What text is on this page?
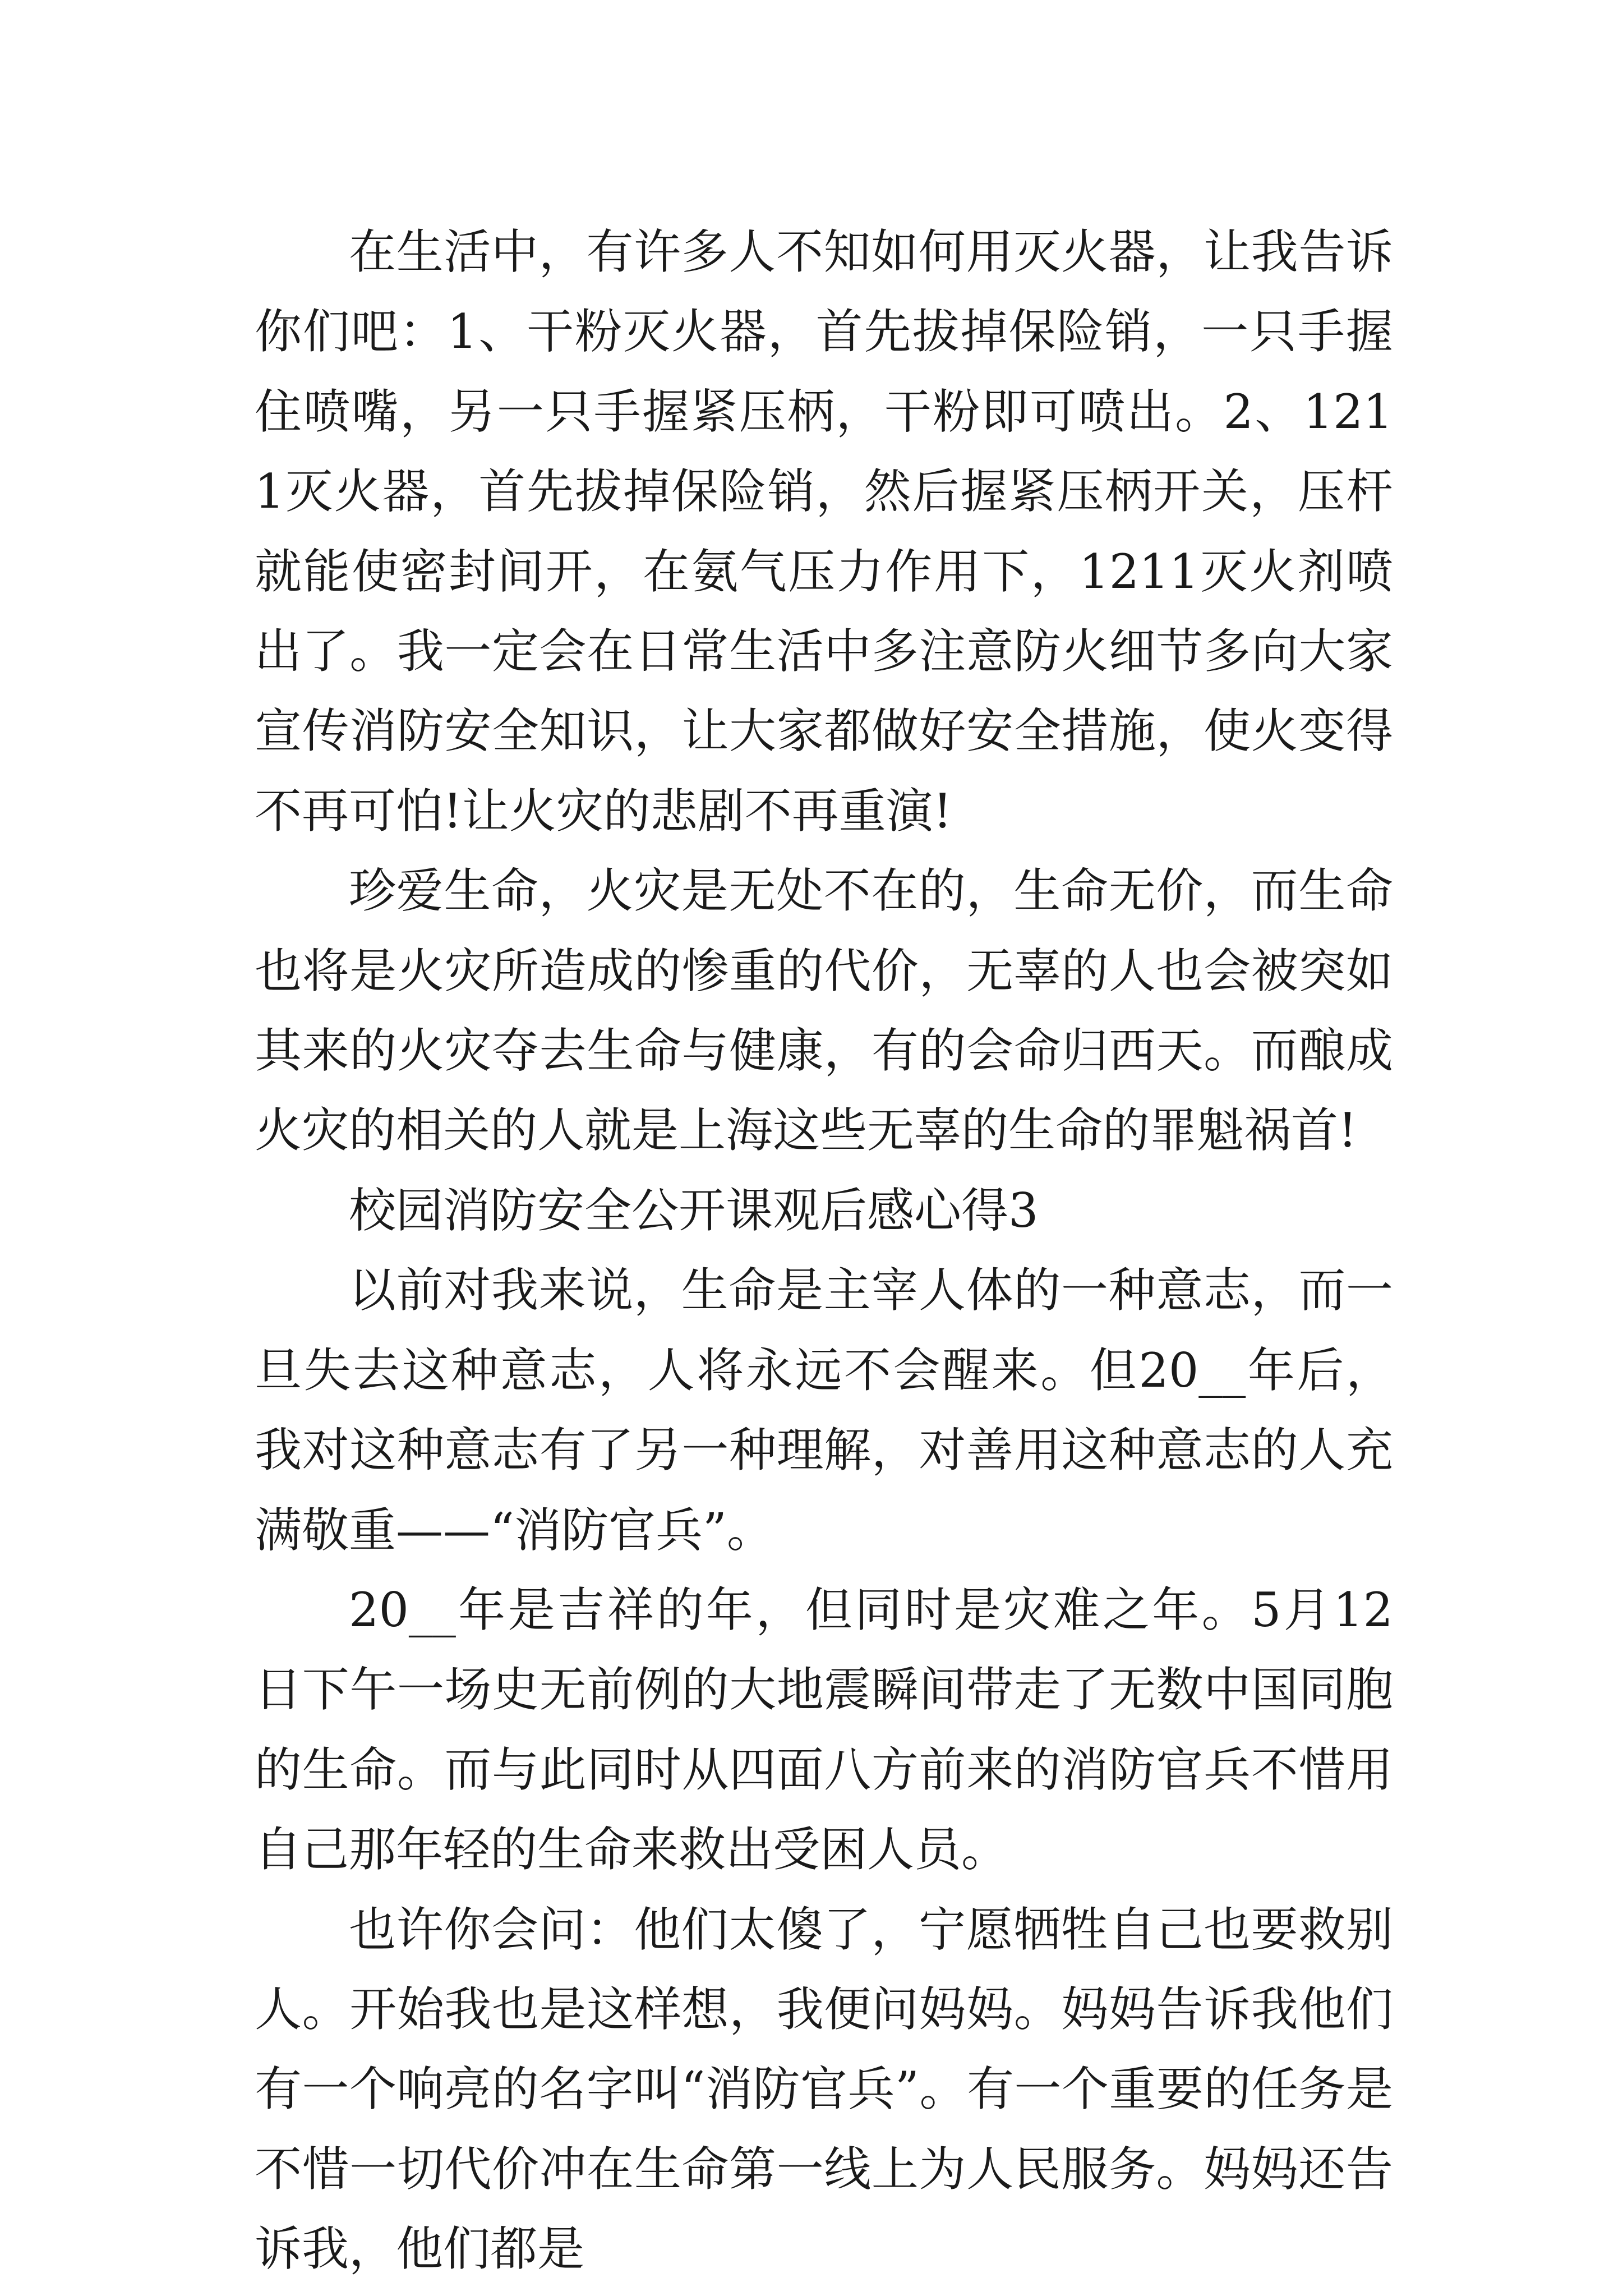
在生活中，有许多人不知如何用灭火器，让我告诉你们吧：1、干粉灭火器，首先拔掉保险销，一只手握住喷嘴，另一只手握紧压柄，干粉即可喷出。2、1211灭火器，首先拔掉保险销，然后握紧压柄开关，压杆就能使密封间开，在氨气压力作用下，1211灭火剂喷出了。我一定会在日常生活中多注意防火细节多向大家宣传消防安全知识，让大家都做好安全措施，使火变得不再可怕!让火灾的悲剧不再重演!

珍爱生命，火灾是无处不在的，生命无价，而生命也将是火灾所造成的惨重的代价，无辜的人也会被突如其来的火灾夺去生命与健康，有的会命归西天。而酿成火灾的相关的人就是上海这些无辜的生命的罪魁祸首!

校园消防安全公开课观后感心得3

以前对我来说，生命是主宰人体的一种意志，而一旦失去这种意志，人将永远不会醒来。但20__年后，我对这种意志有了另一种理解，对善用这种意志的人充满敬重——“消防官兵”。

20__年是吉祥的年，但同时是灾难之年。5月12日下午一场史无前例的大地震瞬间带走了无数中国同胞的生命。而与此同时从四面八方前来的消防官兵不惜用自己那年轻的生命来救出受困人员。

也许你会问：他们太傻了，宁愿牺牲自己也要救别人。开始我也是这样想，我便问妈妈。妈妈告诉我他们有一个响亮的名字叫“消防官兵”。有一个重要的任务是不惜一切代价冲在生命第一线上为人民服务。妈妈还告诉我，他们都是
